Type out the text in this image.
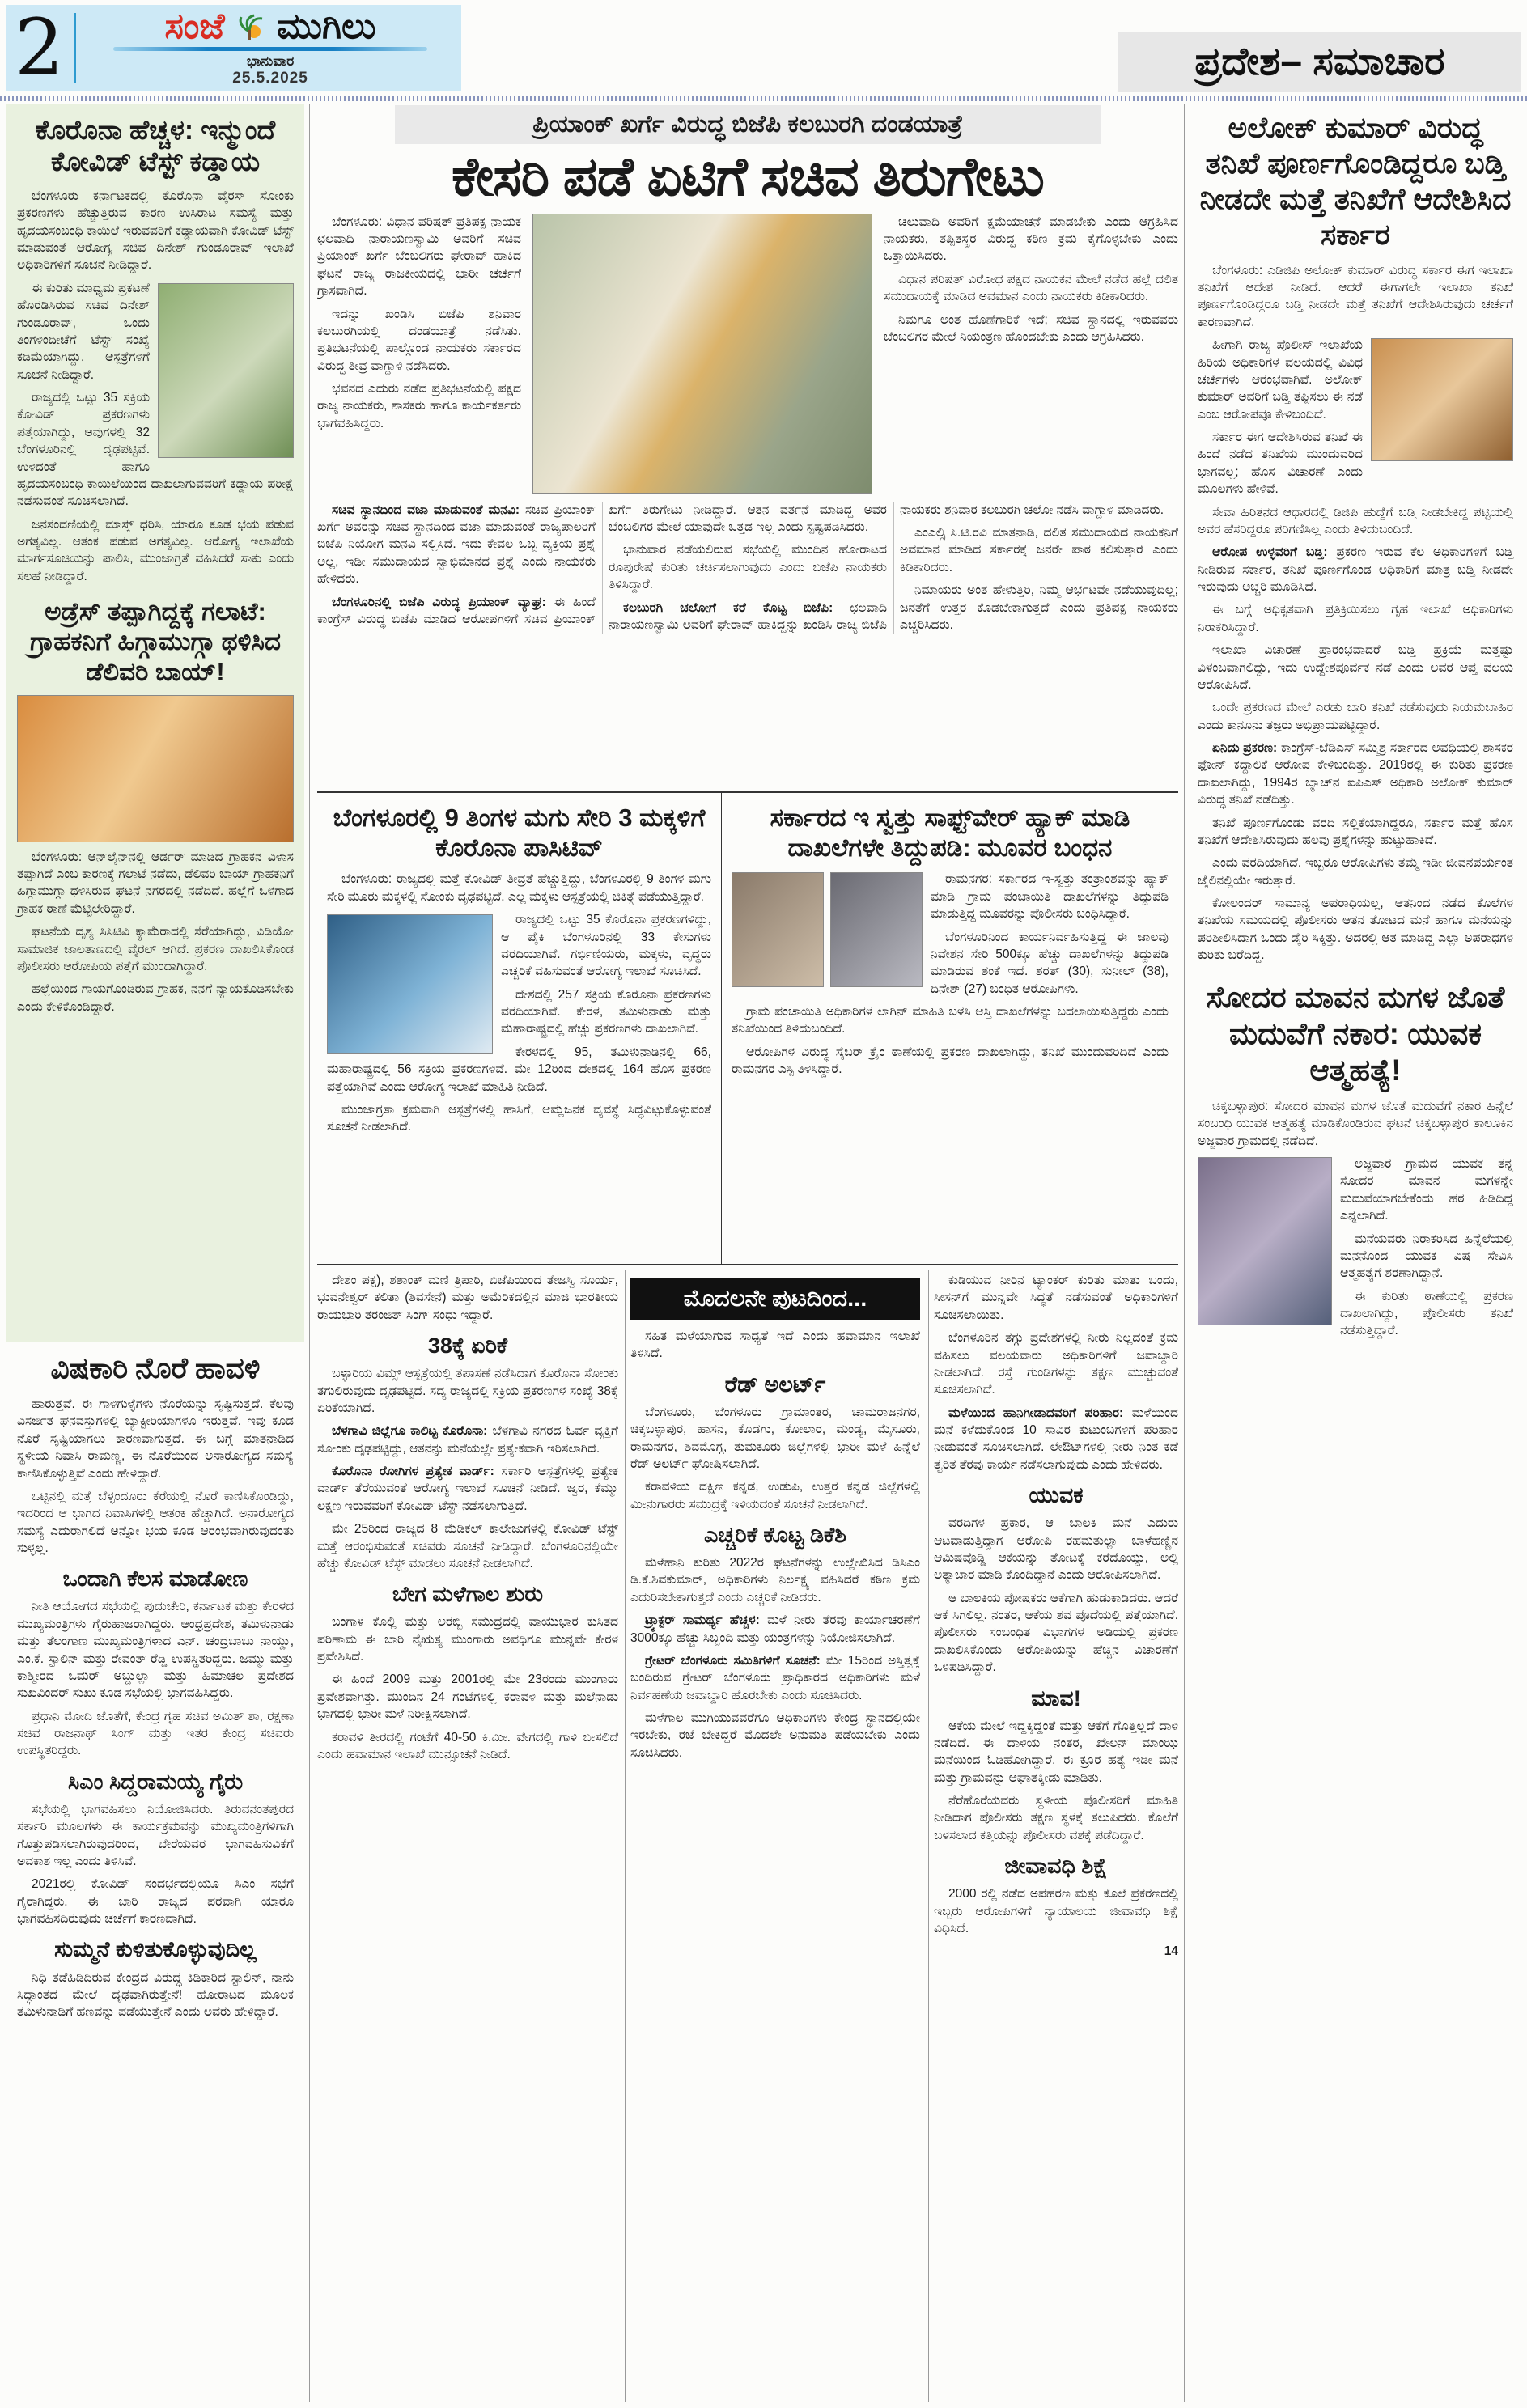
2	ಸಂಜೆ ಮುಗಿಲು
ಭಾನುವಾರ
25.5.2025	ಪ್ರದೇಶ– ಸಮಾಚಾರ
ಕೊರೊನಾ ಹೆಚ್ಚಳ: ಇನ್ಮುಂದೆ ಕೋವಿಡ್ ಟೆಸ್ಟ್ ಕಡ್ಡಾಯ

ಬೆಂಗಳೂರು ಕರ್ನಾಟಕದಲ್ಲಿ ಕೊರೊನಾ ವೈರಸ್ ಸೋಂಕು ಪ್ರಕರಣಗಳು ಹೆಚ್ಚುತ್ತಿರುವ ಕಾರಣ ಉಸಿರಾಟ ಸಮಸ್ಯೆ ಮತ್ತು ಹೃದಯಸಂಬಂಧಿ ಕಾಯಿಲೆ ಇರುವವರಿಗೆ ಕಡ್ಡಾಯವಾಗಿ ಕೋವಿಡ್ ಟೆಸ್ಟ್ ಮಾಡುವಂತೆ ಆರೋಗ್ಯ ಸಚಿವ ದಿನೇಶ್ ಗುಂಡೂರಾವ್ ಇಲಾಖೆ ಅಧಿಕಾರಿಗಳಿಗೆ ಸೂಚನೆ ನೀಡಿದ್ದಾರೆ.

ಈ ಕುರಿತು ಮಾಧ್ಯಮ ಪ್ರಕಟಣೆ ಹೊರಡಿಸಿರುವ ಸಚಿವ ದಿನೇಶ್ ಗುಂಡೂರಾವ್, ಒಂದು ತಿಂಗಳಿಂದೀಚೆಗೆ ಟೆಸ್ಟ್ ಸಂಖ್ಯೆ ಕಡಿಮೆಯಾಗಿದ್ದು, ಆಸ್ಪತ್ರೆಗಳಿಗೆ ಸೂಚನೆ ನೀಡಿದ್ದಾರೆ.

ರಾಜ್ಯದಲ್ಲಿ ಒಟ್ಟು 35 ಸಕ್ರಿಯ ಕೋವಿಡ್ ಪ್ರಕರಣಗಳು ಪತ್ತೆಯಾಗಿದ್ದು, ಅವುಗಳಲ್ಲಿ 32 ಬೆಂಗಳೂರಿನಲ್ಲಿ ದೃಢಪಟ್ಟಿವೆ. ಉಳಿದಂತೆ ಹಾಗೂ ಹೃದಯಸಂಬಂಧಿ ಕಾಯಿಲೆಯಿಂದ ದಾಖಲಾಗುವವರಿಗೆ ಕಡ್ಡಾಯ ಪರೀಕ್ಷೆ ನಡೆಸುವಂತೆ ಸೂಚಿಸಲಾಗಿದೆ.

ಜನಸಂದಣಿಯಲ್ಲಿ ಮಾಸ್ಕ್ ಧರಿಸಿ, ಯಾರೂ ಕೂಡ ಭಯ ಪಡುವ ಅಗತ್ಯವಿಲ್ಲ. ಆತಂಕ ಪಡುವ ಅಗತ್ಯವಿಲ್ಲ. ಆರೋಗ್ಯ ಇಲಾಖೆಯ ಮಾರ್ಗಸೂಚಿಯನ್ನು ಪಾಲಿಸಿ, ಮುಂಜಾಗ್ರತೆ ವಹಿಸಿದರೆ ಸಾಕು ಎಂದು ಸಲಹೆ ನೀಡಿದ್ದಾರೆ.

ಅಡ್ರೆಸ್ ತಪ್ಪಾಗಿದ್ದಕ್ಕೆ ಗಲಾಟೆ: ಗ್ರಾಹಕನಿಗೆ ಹಿಗ್ಗಾಮುಗ್ಗಾ ಥಳಿಸಿದ ಡೆಲಿವರಿ ಬಾಯ್!

ಬೆಂಗಳೂರು: ಆನ್‌ಲೈನ್‌ನಲ್ಲಿ ಆರ್ಡರ್ ಮಾಡಿದ ಗ್ರಾಹಕನ ವಿಳಾಸ ತಪ್ಪಾಗಿದೆ ಎಂಬ ಕಾರಣಕ್ಕೆ ಗಲಾಟೆ ನಡೆದು, ಡೆಲಿವರಿ ಬಾಯ್ ಗ್ರಾಹಕನಿಗೆ ಹಿಗ್ಗಾಮುಗ್ಗಾ ಥಳಿಸಿರುವ ಘಟನೆ ನಗರದಲ್ಲಿ ನಡೆದಿದೆ. ಹಲ್ಲೆಗೆ ಒಳಗಾದ ಗ್ರಾಹಕ ಠಾಣೆ ಮೆಟ್ಟಿಲೇರಿದ್ದಾರೆ.

ಘಟನೆಯ ದೃಶ್ಯ ಸಿಸಿಟಿವಿ ಕ್ಯಾಮೆರಾದಲ್ಲಿ ಸೆರೆಯಾಗಿದ್ದು, ವಿಡಿಯೋ ಸಾಮಾಜಿಕ ಜಾಲತಾಣದಲ್ಲಿ ವೈರಲ್ ಆಗಿದೆ. ಪ್ರಕರಣ ದಾಖಲಿಸಿಕೊಂಡ ಪೊಲೀಸರು ಆರೋಪಿಯ ಪತ್ತೆಗೆ ಮುಂದಾಗಿದ್ದಾರೆ.

ಹಲ್ಲೆಯಿಂದ ಗಾಯಗೊಂಡಿರುವ ಗ್ರಾಹಕ, ನನಗೆ ನ್ಯಾಯಕೊಡಿಸಬೇಕು ಎಂದು ಕೇಳಿಕೊಂಡಿದ್ದಾರೆ.

ವಿಷಕಾರಿ ನೊರೆ ಹಾವಳಿ

ಹಾರುತ್ತವೆ. ಈ ಗಾಳಿಗುಳ್ಳೆಗಳು ನೊರೆಯನ್ನು ಸೃಷ್ಟಿಸುತ್ತದೆ. ಕೆಲವು ವಿಸರ್ಜಿತ ಘನವಸ್ತುಗಳಲ್ಲಿ ಬ್ಯಾಕ್ಟೀರಿಯಾಗಳೂ ಇರುತ್ತವೆ. ಇವು ಕೂಡ ನೊರೆ ಸೃಷ್ಟಿಯಾಗಲು ಕಾರಣವಾಗುತ್ತದೆ. ಈ ಬಗ್ಗೆ ಮಾತನಾಡಿದ ಸ್ಥಳೀಯ ನಿವಾಸಿ ರಾಮಣ್ಣ, ಈ ನೊರೆಯಿಂದ ಅನಾರೋಗ್ಯದ ಸಮಸ್ಯೆ ಕಾಣಿಸಿಕೊಳ್ಳುತ್ತಿವೆ ಎಂದು ಹೇಳಿದ್ದಾರೆ.

ಒಟ್ಟಿನಲ್ಲಿ ಮತ್ತೆ ಬೆಳ್ಳಂದೂರು ಕೆರೆಯಲ್ಲಿ ನೊರೆ ಕಾಣಿಸಿಕೊಂಡಿದ್ದು, ಇದರಿಂದ ಆ ಭಾಗದ ನಿವಾಸಿಗಳಲ್ಲಿ ಆತಂಕ ಹೆಚ್ಚಾಗಿದೆ. ಅನಾರ‍ೋಗ್ಯದ ಸಮಸ್ಯೆ ಎದುರಾಗಲಿದೆ ಅನ್ನೋ ಭಯ ಕೂಡ ಆರಂಭವಾಗಿರುವುದಂತು ಸುಳ್ಳಲ್ಲ.

ಒಂದಾಗಿ ಕೆಲಸ ಮಾಡೋಣ

ನೀತಿ ಆಯೋಗದ ಸಭೆಯಲ್ಲಿ ಪುದುಚೇರಿ, ಕರ್ನಾಟಕ ಮತ್ತು ಕೇರಳದ ಮುಖ್ಯಮಂತ್ರಿಗಳು ಗೈರುಹಾಜರಾಗಿದ್ದರು. ಆಂಧ್ರಪ್ರದೇಶ, ತಮಿಳುನಾಡು ಮತ್ತು ತೆಲಂಗಾಣ ಮುಖ್ಯಮಂತ್ರಿಗಳಾದ ಎನ್. ಚಂದ್ರಬಾಬು ನಾಯ್ಡು, ಎಂ.ಕೆ. ಸ್ಟಾಲಿನ್ ಮತ್ತು ರೇವಂತ್ ರೆಡ್ಡಿ ಉಪಸ್ಥಿತರಿದ್ದರು. ಜಮ್ಮು ಮತ್ತು ಕಾಶ್ಮೀರದ ಒಮರ್ ಅಬ್ದುಲ್ಲಾ ಮತ್ತು ಹಿಮಾಚಲ ಪ್ರದೇಶದ ಸುಖವಿಂದರ್ ಸುಖು ಕೂಡ ಸಭೆಯಲ್ಲಿ ಭಾಗವಹಿಸಿದ್ದರು.

ಪ್ರಧಾನಿ ಮೋದಿ ಜೊತೆಗೆ, ಕೇಂದ್ರ ಗೃಹ ಸಚಿವ ಅಮಿತ್ ಶಾ, ರಕ್ಷಣಾ ಸಚಿವ ರಾಜನಾಥ್ ಸಿಂಗ್ ಮತ್ತು ಇತರ ಕೇಂದ್ರ ಸಚಿವರು ಉಪಸ್ಥಿತರಿದ್ದರು.

ಸಿಎಂ ಸಿದ್ದರಾಮಯ್ಯ ಗೈರು

ಸಭೆಯಲ್ಲಿ ಭಾಗವಹಿಸಲು ನಿಯೋಜಿಸಿದರು. ತಿರುವನಂತಪುರದ ಸರ್ಕಾರಿ ಮೂಲಗಳು ಈ ಕಾರ್ಯಕ್ರಮವನ್ನು ಮುಖ್ಯಮಂತ್ರಿಗಳಿಗಾಗಿ ಗೊತ್ತುಪಡಿಸಲಾಗಿರುವುದರಿಂದ, ಬೇರೆಯವರ ಭಾಗವಹಿಸುವಿಕೆಗೆ ಅವಕಾಶ ಇಲ್ಲ ಎಂದು ತಿಳಿಸಿವೆ.

2021ರಲ್ಲಿ ಕೋವಿಡ್ ಸಂದರ್ಭದಲ್ಲಿಯೂ ಸಿಎಂ ಸಭೆಗೆ ಗೈರಾಗಿದ್ದರು. ಈ ಬಾರಿ ರಾಜ್ಯದ ಪರವಾಗಿ ಯಾರೂ ಭಾಗವಹಿಸದಿರುವುದು ಚರ್ಚೆಗೆ ಕಾರಣವಾಗಿದೆ.

ಸುಮ್ಮನೆ ಕುಳಿತುಕೊಳ್ಳುವುದಿಲ್ಲ

ನಿಧಿ ತಡೆಹಿಡಿದಿರುವ ಕೇಂದ್ರದ ವಿರುದ್ಧ ಕಿಡಿಕಾರಿದ ಸ್ಟಾಲಿನ್, ನಾನು ಸಿದ್ಧಾಂತದ ಮೇಲೆ ದೃಢವಾಗಿರುತ್ತೇನೆ! ಹೋರಾಟದ ಮೂಲಕ ತಮಿಳುನಾಡಿಗೆ ಹಣವನ್ನು ಪಡೆಯುತ್ತೇನೆ ಎಂದು ಅವರು ಹೇಳಿದ್ದಾರೆ.

ಪ್ರಿಯಾಂಕ್ ಖರ್ಗೆ ವಿರುದ್ಧ ಬಿಜೆಪಿ ಕಲಬುರಗಿ ದಂಡಯಾತ್ರೆ
ಕೇಸರಿ ಪಡೆ ಏಟಿಗೆ ಸಚಿವ ತಿರುಗೇಟು

ಬೆಂಗಳೂರು: ವಿಧಾನ ಪರಿಷತ್ ಪ್ರತಿಪಕ್ಷ ನಾಯಕ ಛಲವಾದಿ ನಾರಾಯಣಸ್ವಾಮಿ ಅವರಿಗೆ ಸಚಿವ ಪ್ರಿಯಾಂಕ್ ಖರ್ಗೆ ಬೆಂಬಲಿಗರು ಘೇರಾವ್ ಹಾಕಿದ ಘಟನೆ ರಾಜ್ಯ ರಾಜಕೀಯದಲ್ಲಿ ಭಾರೀ ಚರ್ಚೆಗೆ ಗ್ರಾಸವಾಗಿದೆ.

ಇದನ್ನು ಖಂಡಿಸಿ ಬಿಜೆಪಿ ಶನಿವಾರ ಕಲಬುರಗಿಯಲ್ಲಿ ದಂಡಯಾತ್ರೆ ನಡೆಸಿತು. ಪ್ರತಿಭಟನೆಯಲ್ಲಿ ಪಾಲ್ಗೊಂಡ ನಾಯಕರು ಸರ್ಕಾರದ ವಿರುದ್ಧ ತೀವ್ರ ವಾಗ್ದಾಳಿ ನಡೆಸಿದರು.

ಭವನದ ಎದುರು ನಡೆದ ಪ್ರತಿಭಟನೆಯಲ್ಲಿ ಪಕ್ಷದ ರಾಜ್ಯ ನಾಯಕರು, ಶಾಸಕರು ಹಾಗೂ ಕಾರ್ಯಕರ್ತರು ಭಾಗವಹಿಸಿದ್ದರು.

ಚಲುವಾದಿ ಅವರಿಗೆ ಕ್ಷಮೆಯಾಚನೆ ಮಾಡಬೇಕು ಎಂದು ಆಗ್ರಹಿಸಿದ ನಾಯಕರು, ತಪ್ಪಿತಸ್ಥರ ವಿರುದ್ಧ ಕಠಿಣ ಕ್ರಮ ಕೈಗೊಳ್ಳಬೇಕು ಎಂದು ಒತ್ತಾಯಿಸಿದರು.

ವಿಧಾನ ಪರಿಷತ್ ವಿರೋಧ ಪಕ್ಷದ ನಾಯಕನ ಮೇಲೆ ನಡೆದ ಹಲ್ಲೆ ದಲಿತ ಸಮುದಾಯಕ್ಕೆ ಮಾಡಿದ ಅವಮಾನ ಎಂದು ನಾಯಕರು ಕಿಡಿಕಾರಿದರು.

ನಿಮಗೂ ಅಂತ ಹೊಣೆಗಾರಿಕೆ ಇದೆ; ಸಚಿವ ಸ್ಥಾನದಲ್ಲಿ ಇರುವವರು ಬೆಂಬಲಿಗರ ಮೇಲೆ ನಿಯಂತ್ರಣ ಹೊಂದಬೇಕು ಎಂದು ಆಗ್ರಹಿಸಿದರು.

ಸಚಿವ ಸ್ಥಾನದಿಂದ ವಜಾ ಮಾಡುವಂತೆ ಮನವಿ: ಸಚಿವ ಪ್ರಿಯಾಂಕ್ ಖರ್ಗೆ ಅವರನ್ನು ಸಚಿವ ಸ್ಥಾನದಿಂದ ವಜಾ ಮಾಡುವಂತೆ ರಾಜ್ಯಪಾಲರಿಗೆ ಬಿಜೆಪಿ ನಿಯೋಗ ಮನವಿ ಸಲ್ಲಿಸಿದೆ. ಇದು ಕೇವಲ ಒಬ್ಬ ವ್ಯಕ್ತಿಯ ಪ್ರಶ್ನೆ ಅಲ್ಲ, ಇಡೀ ಸಮುದಾಯದ ಸ್ವಾಭಿಮಾನದ ಪ್ರಶ್ನೆ ಎಂದು ನಾಯಕರು ಹೇಳಿದರು.

ಬೆಂಗಳೂರಿನಲ್ಲಿ ಬಿಜೆಪಿ ವಿರುದ್ಧ ಪ್ರಿಯಾಂಕ್ ವ್ಯಾಘ್ರ: ಈ ಹಿಂದೆ ಕಾಂಗ್ರೆಸ್ ವಿರುದ್ಧ ಬಿಜೆಪಿ ಮಾಡಿದ ಆರೋಪಗಳಿಗೆ ಸಚಿವ ಪ್ರಿಯಾಂಕ್ ಖರ್ಗೆ ತಿರುಗೇಟು ನೀಡಿದ್ದಾರೆ. ಆತನ ವರ್ತನೆ ಮಾಡಿದ್ದ ಅವರ ಬೆಂಬಲಿಗರ ಮೇಲೆ ಯಾವುದೇ ಒತ್ತಡ ಇಲ್ಲ ಎಂದು ಸ್ಪಷ್ಟಪಡಿಸಿದರು.

ಭಾನುವಾರ ನಡೆಯಲಿರುವ ಸಭೆಯಲ್ಲಿ ಮುಂದಿನ ಹೋರಾಟದ ರೂಪುರೇಷೆ ಕುರಿತು ಚರ್ಚಿಸಲಾಗುವುದು ಎಂದು ಬಿಜೆಪಿ ನಾಯಕರು ತಿಳಿಸಿದ್ದಾರೆ.

ಕಲಬುರಗಿ ಚಲೋಗೆ ಕರೆ ಕೊಟ್ಟ ಬಿಜೆಪಿ: ಛಲವಾದಿ ನಾರಾಯಣಸ್ವಾಮಿ ಅವರಿಗೆ ಘೇರಾವ್ ಹಾಕಿದ್ದನ್ನು ಖಂಡಿಸಿ ರಾಜ್ಯ ಬಿಜೆಪಿ ನಾಯಕರು ಶನಿವಾರ ಕಲಬುರಗಿ ಚಲೋ ನಡೆಸಿ ವಾಗ್ದಾಳಿ ಮಾಡಿದರು.

ಎಂಎಲ್ಸಿ ಸಿ.ಟಿ.ರವಿ ಮಾತನಾಡಿ, ದಲಿತ ಸಮುದಾಯದ ನಾಯಕನಿಗೆ ಅವಮಾನ ಮಾಡಿದ ಸರ್ಕಾರಕ್ಕೆ ಜನರೇ ಪಾಠ ಕಲಿಸುತ್ತಾರೆ ಎಂದು ಕಿಡಿಕಾರಿದರು.

ನಿಮಾಯರು ಅಂತ ಹೇಳುತ್ತಿರಿ, ನಿಮ್ಮ ಆರ್ಭಟವೇ ನಡೆಯುವುದಿಲ್ಲ; ಜನತೆಗೆ ಉತ್ತರ ಕೊಡಬೇಕಾಗುತ್ತದೆ ಎಂದು ಪ್ರತಿಪಕ್ಷ ನಾಯಕರು ಎಚ್ಚರಿಸಿದರು.

ಬೆಂಗಳೂರಲ್ಲಿ 9 ತಿಂಗಳ ಮಗು ಸೇರಿ 3 ಮಕ್ಕಳಿಗೆ ಕೊರೊನಾ ಪಾಸಿಟಿವ್

ಬೆಂಗಳೂರು: ರಾಜ್ಯದಲ್ಲಿ ಮತ್ತೆ ಕೋವಿಡ್ ತೀವ್ರತೆ ಹೆಚ್ಚುತ್ತಿದ್ದು, ಬೆಂಗಳೂರಲ್ಲಿ 9 ತಿಂಗಳ ಮಗು ಸೇರಿ ಮೂರು ಮಕ್ಕಳಲ್ಲಿ ಸೋಂಕು ದೃಢಪಟ್ಟಿದೆ. ಎಲ್ಲ ಮಕ್ಕಳು ಆಸ್ಪತ್ರೆಯಲ್ಲಿ ಚಿಕಿತ್ಸೆ ಪಡೆಯುತ್ತಿದ್ದಾರೆ.

ರಾಜ್ಯದಲ್ಲಿ ಒಟ್ಟು 35 ಕೊರೊನಾ ಪ್ರಕರಣಗಳಿದ್ದು, ಆ ಪೈಕಿ ಬೆಂಗಳೂರಿನಲ್ಲಿ 33 ಕೇಸುಗಳು ವರದಿಯಾಗಿವೆ. ಗರ್ಭಿಣಿಯರು, ಮಕ್ಕಳು, ವೃದ್ಧರು ಎಚ್ಚರಿಕೆ ವಹಿಸುವಂತೆ ಆರೋಗ್ಯ ಇಲಾಖೆ ಸೂಚಿಸಿದೆ.

ದೇಶದಲ್ಲಿ 257 ಸಕ್ರಿಯ ಕೊರೊನಾ ಪ್ರಕರಣಗಳು ವರದಿಯಾಗಿವೆ. ಕೇರಳ, ತಮಿಳುನಾಡು ಮತ್ತು ಮಹಾರಾಷ್ಟ್ರದಲ್ಲಿ ಹೆಚ್ಚು ಪ್ರಕರಣಗಳು ದಾಖಲಾಗಿವೆ.

ಕೇರಳದಲ್ಲಿ 95, ತಮಿಳುನಾಡಿನಲ್ಲಿ 66, ಮಹಾರಾಷ್ಟ್ರದಲ್ಲಿ 56 ಸಕ್ರಿಯ ಪ್ರಕರಣಗಳಿವೆ. ಮೇ 12ರಿಂದ ದೇಶದಲ್ಲಿ 164 ಹೊಸ ಪ್ರಕರಣ ಪತ್ತೆಯಾಗಿವೆ ಎಂದು ಆರೋಗ್ಯ ಇಲಾಖೆ ಮಾಹಿತಿ ನೀಡಿದೆ.

ಮುಂಜಾಗ್ರತಾ ಕ್ರಮವಾಗಿ ಆಸ್ಪತ್ರೆಗಳಲ್ಲಿ ಹಾಸಿಗೆ, ಆಮ್ಲಜನಕ ವ್ಯವಸ್ಥೆ ಸಿದ್ಧವಿಟ್ಟುಕೊಳ್ಳುವಂತೆ ಸೂಚನೆ ನೀಡಲಾಗಿದೆ.

ಸರ್ಕಾರದ ಇ ಸ್ವತ್ತು ಸಾಫ್ಟ್‌ವೇರ್ ಹ್ಯಾಕ್ ಮಾಡಿ ದಾಖಲೆಗಳೇ ತಿದ್ದುಪಡಿ: ಮೂವರ ಬಂಧನ

ರಾಮನಗರ: ಸರ್ಕಾರದ ಇ-ಸ್ವತ್ತು ತಂತ್ರಾಂಶವನ್ನು ಹ್ಯಾಕ್ ಮಾಡಿ ಗ್ರಾಮ ಪಂಚಾಯಿತಿ ದಾಖಲೆಗಳನ್ನು ತಿದ್ದುಪಡಿ ಮಾಡುತ್ತಿದ್ದ ಮೂವರನ್ನು ಪೊಲೀಸರು ಬಂಧಿಸಿದ್ದಾರೆ.

ಬೆಂಗಳೂರಿನಿಂದ ಕಾರ್ಯನಿರ್ವಹಿಸುತ್ತಿದ್ದ ಈ ಜಾಲವು ನಿವೇಶನ ಸೇರಿ 500ಕ್ಕೂ ಹೆಚ್ಚು ದಾಖಲೆಗಳನ್ನು ತಿದ್ದುಪಡಿ ಮಾಡಿರುವ ಶಂಕೆ ಇದೆ. ಶರತ್ (30), ಸುನೀಲ್ (38), ದಿನೇಶ್ (27) ಬಂಧಿತ ಆರೋಪಿಗಳು.

ಗ್ರಾಮ ಪಂಚಾಯಿತಿ ಅಧಿಕಾರಿಗಳ ಲಾಗಿನ್ ಮಾಹಿತಿ ಬಳಸಿ ಆಸ್ತಿ ದಾಖಲೆಗಳನ್ನು ಬದಲಾಯಿಸುತ್ತಿದ್ದರು ಎಂದು ತನಿಖೆಯಿಂದ ತಿಳಿದುಬಂದಿದೆ.

ಆರೋಪಿಗಳ ವಿರುದ್ಧ ಸೈಬರ್ ಕ್ರೈಂ ಠಾಣೆಯಲ್ಲಿ ಪ್ರಕರಣ ದಾಖಲಾಗಿದ್ದು, ತನಿಖೆ ಮುಂದುವರಿದಿದೆ ಎಂದು ರಾಮನಗರ ಎಸ್ಪಿ ತಿಳಿಸಿದ್ದಾರೆ.

ಅಲೋಕ್ ಕುಮಾರ್ ವಿರುದ್ಧ ತನಿಖೆ ಪೂರ್ಣಗೊಂಡಿದ್ದರೂ ಬಡ್ತಿ ನೀಡದೇ ಮತ್ತೆ ತನಿಖೆಗೆ ಆದೇಶಿಸಿದ ಸರ್ಕಾರ

ಬೆಂಗಳೂರು: ಎಡಿಜಿಪಿ ಅಲೋಕ್ ಕುಮಾರ್ ವಿರುದ್ಧ ಸರ್ಕಾರ ಈಗ ಇಲಾಖಾ ತನಿಖೆಗೆ ಆದೇಶ ನೀಡಿದೆ. ಆದರೆ ಈಗಾಗಲೇ ಇಲಾಖಾ ತನಿಖೆ ಪೂರ್ಣಗೊಂಡಿದ್ದರೂ ಬಡ್ತಿ ನೀಡದೇ ಮತ್ತೆ ತನಿಖೆಗೆ ಆದೇಶಿಸಿರುವುದು ಚರ್ಚೆಗೆ ಕಾರಣವಾಗಿದೆ.

ಹೀಗಾಗಿ ರಾಜ್ಯ ಪೊಲೀಸ್ ಇಲಾಖೆಯ ಹಿರಿಯ ಅಧಿಕಾರಿಗಳ ವಲಯದಲ್ಲಿ ವಿವಿಧ ಚರ್ಚೆಗಳು ಆರಂಭವಾಗಿವೆ. ಅಲೋಕ್ ಕುಮಾರ್ ಅವರಿಗೆ ಬಡ್ತಿ ತಪ್ಪಿಸಲು ಈ ನಡೆ ಎಂಬ ಆರೋಪವೂ ಕೇಳಿಬಂದಿದೆ.

ಸರ್ಕಾರ ಈಗ ಆದೇಶಿಸಿರುವ ತನಿಖೆ ಈ ಹಿಂದೆ ನಡೆದ ತನಿಖೆಯ ಮುಂದುವರಿದ ಭಾಗವಲ್ಲ; ಹೊಸ ವಿಚಾರಣೆ ಎಂದು ಮೂಲಗಳು ಹೇಳಿವೆ.

ಸೇವಾ ಹಿರಿತನದ ಆಧಾರದಲ್ಲಿ ಡಿಜಿಪಿ ಹುದ್ದೆಗೆ ಬಡ್ತಿ ನೀಡಬೇಕಿದ್ದ ಪಟ್ಟಿಯಲ್ಲಿ ಅವರ ಹೆಸರಿದ್ದರೂ ಪರಿಗಣಿಸಿಲ್ಲ ಎಂದು ತಿಳಿದುಬಂದಿದೆ.

ಆರೋಪ ಉಳ್ಳವರಿಗೆ ಬಡ್ತಿ: ಪ್ರಕರಣ ಇರುವ ಕೆಲ ಅಧಿಕಾರಿಗಳಿಗೆ ಬಡ್ತಿ ನೀಡಿರುವ ಸರ್ಕಾರ, ತನಿಖೆ ಪೂರ್ಣಗೊಂಡ ಅಧಿಕಾರಿಗೆ ಮಾತ್ರ ಬಡ್ತಿ ನೀಡದೇ ಇರುವುದು ಅಚ್ಚರಿ ಮೂಡಿಸಿದೆ.

ಈ ಬಗ್ಗೆ ಅಧಿಕೃತವಾಗಿ ಪ್ರತಿಕ್ರಿಯಿಸಲು ಗೃಹ ಇಲಾಖೆ ಅಧಿಕಾರಿಗಳು ನಿರಾಕರಿಸಿದ್ದಾರೆ.

ಇಲಾಖಾ ವಿಚಾರಣೆ ಪ್ರಾರಂಭವಾದರೆ ಬಡ್ತಿ ಪ್ರಕ್ರಿಯೆ ಮತ್ತಷ್ಟು ವಿಳಂಬವಾಗಲಿದ್ದು, ಇದು ಉದ್ದೇಶಪೂರ್ವಕ ನಡೆ ಎಂದು ಅವರ ಆಪ್ತ ವಲಯ ಆರೋಪಿಸಿದೆ.

ಒಂದೇ ಪ್ರಕರಣದ ಮೇಲೆ ಎರಡು ಬಾರಿ ತನಿಖೆ ನಡೆಸುವುದು ನಿಯಮಬಾಹಿರ ಎಂದು ಕಾನೂನು ತಜ್ಞರು ಅಭಿಪ್ರಾಯಪಟ್ಟಿದ್ದಾರೆ.

ಏನಿದು ಪ್ರಕರಣ: ಕಾಂಗ್ರೆಸ್-ಜೆಡಿಎಸ್ ಸಮ್ಮಿಶ್ರ ಸರ್ಕಾರದ ಅವಧಿಯಲ್ಲಿ ಶಾಸಕರ ಫೋನ್ ಕದ್ದಾಲಿಕೆ ಆರೋಪ ಕೇಳಿಬಂದಿತ್ತು. 2019ರಲ್ಲಿ ಈ ಕುರಿತು ಪ್ರಕರಣ ದಾಖಲಾಗಿದ್ದು, 1994ರ ಬ್ಯಾಚ್‌ನ ಐಪಿಎಸ್ ಅಧಿಕಾರಿ ಅಲೋಕ್ ಕುಮಾರ್ ವಿರುದ್ಧ ತನಿಖೆ ನಡೆದಿತ್ತು.

ತನಿಖೆ ಪೂರ್ಣಗೊಂಡು ವರದಿ ಸಲ್ಲಿಕೆಯಾಗಿದ್ದರೂ, ಸರ್ಕಾರ ಮತ್ತೆ ಹೊಸ ತನಿಖೆಗೆ ಆದೇಶಿಸಿರುವುದು ಹಲವು ಪ್ರಶ್ನೆಗಳನ್ನು ಹುಟ್ಟುಹಾಕಿದೆ.

ಎಂದು ವರದಿಯಾಗಿದೆ. ಇಬ್ಬರೂ ಆರೋಪಿಗಳು ತಮ್ಮ ಇಡೀ ಜೀವನಪರ್ಯಂತ ಜೈಲಿನಲ್ಲಿಯೇ ಇರುತ್ತಾರೆ.

ಕೋಲಂದರ್ ಸಾಮಾನ್ಯ ಅಪರಾಧಿಯಲ್ಲ, ಆತನಿಂದ ನಡೆದ ಕೊಲೆಗಳ ತನಿಖೆಯ ಸಮಯದಲ್ಲಿ ಪೊಲೀಸರು ಆತನ ತೋಟದ ಮನೆ ಹಾಗೂ ಮನೆಯನ್ನು ಪರಿಶೀಲಿಸಿದಾಗ ಒಂದು ಡೈರಿ ಸಿಕ್ಕಿತ್ತು. ಅದರಲ್ಲಿ ಆತ ಮಾಡಿದ್ದ ಎಲ್ಲಾ ಅಪರಾಧಗಳ ಕುರಿತು ಬರೆದಿದ್ದ.

ಸೋದರ ಮಾವನ ಮಗಳ ಜೊತೆ ಮದುವೆಗೆ ನಕಾರ: ಯುವಕ ಆತ್ಮಹತ್ಯೆ!

ಚಿಕ್ಕಬಳ್ಳಾಪುರ: ಸೋದರ ಮಾವನ ಮಗಳ ಜೊತೆ ಮದುವೆಗೆ ನಕಾರ ಹಿನ್ನೆಲೆ ಸಂಬಂಧಿ ಯುವಕ ಆತ್ಮಹತ್ಯೆ ಮಾಡಿಕೊಂಡಿರುವ ಘಟನೆ ಚಿಕ್ಕಬಳ್ಳಾಪುರ ತಾಲೂಕಿನ ಅಜ್ಜವಾರ ಗ್ರಾಮದಲ್ಲಿ ನಡೆದಿದೆ.

ಅಜ್ಜವಾರ ಗ್ರಾಮದ ಯುವಕ ತನ್ನ ಸೋದರ ಮಾವನ ಮಗಳನ್ನೇ ಮದುವೆಯಾಗಬೇಕೆಂದು ಹಠ ಹಿಡಿದಿದ್ದ ಎನ್ನಲಾಗಿದೆ.

ಮನೆಯವರು ನಿರಾಕರಿಸಿದ ಹಿನ್ನೆಲೆಯಲ್ಲಿ ಮನನೊಂದ ಯುವಕ ವಿಷ ಸೇವಿಸಿ ಆತ್ಮಹತ್ಯೆಗೆ ಶರಣಾಗಿದ್ದಾನೆ.

ಈ ಕುರಿತು ಠಾಣೆಯಲ್ಲಿ ಪ್ರಕರಣ ದಾಖಲಾಗಿದ್ದು, ಪೊಲೀಸರು ತನಿಖೆ ನಡೆಸುತ್ತಿದ್ದಾರೆ.

ದೇಶಂ ಪಕ್ಷ), ಶಶಾಂಕ್ ಮಣಿ ತ್ರಿಪಾಠಿ, ಬಿಜೆಪಿಯಿಂದ ತೇಜಸ್ವಿ ಸೂರ್ಯ, ಭುವನೇಶ್ವರ್ ಕಲಿತಾ (ಶಿವಸೇನೆ) ಮತ್ತು ಅಮೆರಿಕದಲ್ಲಿನ ಮಾಜಿ ಭಾರತೀಯ ರಾಯಭಾರಿ ತರಂಜಿತ್ ಸಿಂಗ್ ಸಂಧು ಇದ್ದಾರೆ.

38ಕ್ಕೆ ಏರಿಕೆ

ಬಳ್ಳಾರಿಯ ವಿಮ್ಸ್ ಆಸ್ಪತ್ರೆಯಲ್ಲಿ ತಪಾಸಣೆ ನಡೆಸಿದಾಗ ಕೊರೊನಾ ಸೋಂಕು ತಗುಲಿರುವುದು ದೃಢಪಟ್ಟಿದೆ. ಸದ್ಯ ರಾಜ್ಯದಲ್ಲಿ ಸಕ್ರಿಯ ಪ್ರಕರಣಗಳ ಸಂಖ್ಯೆ 38ಕ್ಕೆ ಏರಿಕೆಯಾಗಿದೆ.

ಬೆಳಗಾವಿ ಜಿಲ್ಲೆಗೂ ಕಾಲಿಟ್ಟ ಕೊರೊನಾ: ಬೆಳಗಾವಿ ನಗರದ ಓರ್ವ ವ್ಯಕ್ತಿಗೆ ಸೋಂಕು ದೃಢಪಟ್ಟಿದ್ದು, ಆತನನ್ನು ಮನೆಯಲ್ಲೇ ಪ್ರತ್ಯೇಕವಾಗಿ ಇರಿಸಲಾಗಿದೆ.

ಕೊರೊನಾ ರೋಗಿಗಳ ಪ್ರತ್ಯೇಕ ವಾರ್ಡ್: ಸರ್ಕಾರಿ ಆಸ್ಪತ್ರೆಗಳಲ್ಲಿ ಪ್ರತ್ಯೇಕ ವಾರ್ಡ್ ತೆರೆಯುವಂತೆ ಆರೋಗ್ಯ ಇಲಾಖೆ ಸೂಚನೆ ನೀಡಿದೆ. ಜ್ವರ, ಕೆಮ್ಮು ಲಕ್ಷಣ ಇರುವವರಿಗೆ ಕೋವಿಡ್ ಟೆಸ್ಟ್ ನಡೆಸಲಾಗುತ್ತಿದೆ.

ಮೇ 25ರಿಂದ ರಾಜ್ಯದ 8 ಮೆಡಿಕಲ್ ಕಾಲೇಜುಗಳಲ್ಲಿ ಕೋವಿಡ್ ಟೆಸ್ಟ್ ಮತ್ತೆ ಆರಂಭಿಸುವಂತೆ ಸಚಿವರು ಸೂಚನೆ ನೀಡಿದ್ದಾರೆ. ಬೆಂಗಳೂರಿನಲ್ಲಿಯೇ ಹೆಚ್ಚು ಕೋವಿಡ್ ಟೆಸ್ಟ್ ಮಾಡಲು ಸೂಚನೆ ನೀಡಲಾಗಿದೆ.

ಬೇಗ ಮಳೆಗಾಲ ಶುರು

ಬಂಗಾಳ ಕೊಲ್ಲಿ ಮತ್ತು ಅರಬ್ಬಿ ಸಮುದ್ರದಲ್ಲಿ ವಾಯುಭಾರ ಕುಸಿತದ ಪರಿಣಾಮ ಈ ಬಾರಿ ನೈಋತ್ಯ ಮುಂಗಾರು ಅವಧಿಗೂ ಮುನ್ನವೇ ಕೇರಳ ಪ್ರವೇಶಿಸಿದೆ.

ಈ ಹಿಂದೆ 2009 ಮತ್ತು 2001ರಲ್ಲಿ ಮೇ 23ರಂದು ಮುಂಗಾರು ಪ್ರವೇಶವಾಗಿತ್ತು. ಮುಂದಿನ 24 ಗಂಟೆಗಳಲ್ಲಿ ಕರಾವಳಿ ಮತ್ತು ಮಲೆನಾಡು ಭಾಗದಲ್ಲಿ ಭಾರೀ ಮಳೆ ನಿರೀಕ್ಷಿಸಲಾಗಿದೆ.

ಕರಾವಳಿ ತೀರದಲ್ಲಿ ಗಂಟೆಗೆ 40-50 ಕಿ.ಮೀ. ವೇಗದಲ್ಲಿ ಗಾಳಿ ಬೀಸಲಿದೆ ಎಂದು ಹವಾಮಾನ ಇಲಾಖೆ ಮುನ್ಸೂಚನೆ ನೀಡಿದೆ.

ಮೊದಲನೇ ಪುಟದಿಂದ...

ಸಹಿತ ಮಳೆಯಾಗುವ ಸಾಧ್ಯತೆ ಇದೆ ಎಂದು ಹವಾಮಾನ ಇಲಾಖೆ ತಿಳಿಸಿದೆ.

ರೆಡ್ ಅಲರ್ಟ್

ಬೆಂಗಳೂರು, ಬೆಂಗಳೂರು ಗ್ರಾಮಾಂತರ, ಚಾಮರಾಜನಗರ, ಚಿಕ್ಕಬಳ್ಳಾಪುರ, ಹಾಸನ, ಕೊಡಗು, ಕೋಲಾರ, ಮಂಡ್ಯ, ಮೈಸೂರು, ರಾಮನಗರ, ಶಿವಮೊಗ್ಗ, ತುಮಕೂರು ಜಿಲ್ಲೆಗಳಲ್ಲಿ ಭಾರೀ ಮಳೆ ಹಿನ್ನೆಲೆ ರೆಡ್ ಅಲರ್ಟ್ ಘೋಷಿಸಲಾಗಿದೆ.

ಕರಾವಳಿಯ ದಕ್ಷಿಣ ಕನ್ನಡ, ಉಡುಪಿ, ಉತ್ತರ ಕನ್ನಡ ಜಿಲ್ಲೆಗಳಲ್ಲಿ ಮೀನುಗಾರರು ಸಮುದ್ರಕ್ಕೆ ಇಳಿಯದಂತೆ ಸೂಚನೆ ನೀಡಲಾಗಿದೆ.

ಎಚ್ಚರಿಕೆ ಕೊಟ್ಟ ಡಿಕೆಶಿ

ಮಳೆಹಾನಿ ಕುರಿತು 2022ರ ಘಟನೆಗಳನ್ನು ಉಲ್ಲೇಖಿಸಿದ ಡಿಸಿಎಂ ಡಿ.ಕೆ.ಶಿವಕುಮಾರ್, ಅಧಿಕಾರಿಗಳು ನಿರ್ಲಕ್ಷ್ಯ ವಹಿಸಿದರೆ ಕಠಿಣ ಕ್ರಮ ಎದುರಿಸಬೇಕಾಗುತ್ತದೆ ಎಂದು ಎಚ್ಚರಿಕೆ ನೀಡಿದರು.

ಟ್ರ್ಯಾಕ್ಟರ್ ಸಾಮರ್ಥ್ಯ ಹೆಚ್ಚಳ: ಮಳೆ ನೀರು ತೆರವು ಕಾರ್ಯಾಚರಣೆಗೆ 3000ಕ್ಕೂ ಹೆಚ್ಚು ಸಿಬ್ಬಂದಿ ಮತ್ತು ಯಂತ್ರಗಳನ್ನು ನಿಯೋಜಿಸಲಾಗಿದೆ.

ಗ್ರೇಟರ್ ಬೆಂಗಳೂರು ಸಮಿತಿಗಳಿಗೆ ಸೂಚನೆ: ಮೇ 15ರಿಂದ ಅಸ್ತಿತ್ವಕ್ಕೆ ಬಂದಿರುವ ಗ್ರೇಟರ್ ಬೆಂಗಳೂರು ಪ್ರಾಧಿಕಾರದ ಅಧಿಕಾರಿಗಳು ಮಳೆ ನಿರ್ವಹಣೆಯ ಜವಾಬ್ದಾರಿ ಹೊರಬೇಕು ಎಂದು ಸೂಚಿಸಿದರು.

ಮಳೆಗಾಲ ಮುಗಿಯುವವರೆಗೂ ಅಧಿಕಾರಿಗಳು ಕೇಂದ್ರ ಸ್ಥಾನದಲ್ಲಿಯೇ ಇರಬೇಕು, ರಜೆ ಬೇಕಿದ್ದರೆ ಮೊದಲೇ ಅನುಮತಿ ಪಡೆಯಬೇಕು ಎಂದು ಸೂಚಿಸಿದರು.

ಕುಡಿಯುವ ನೀರಿನ ಟ್ಯಾಂಕರ್ ಕುರಿತು ಮಾತು ಬಂದು, ಸೀಸನ್‌ಗೆ ಮುನ್ನವೇ ಸಿದ್ಧತೆ ನಡೆಸುವಂತೆ ಅಧಿಕಾರಿಗಳಿಗೆ ಸೂಚಿಸಲಾಯಿತು.

ಬೆಂಗಳೂರಿನ ತಗ್ಗು ಪ್ರದೇಶಗಳಲ್ಲಿ ನೀರು ನಿಲ್ಲದಂತೆ ಕ್ರಮ ವಹಿಸಲು ವಲಯವಾರು ಅಧಿಕಾರಿಗಳಿಗೆ ಜವಾಬ್ದಾರಿ ನೀಡಲಾಗಿದೆ. ರಸ್ತೆ ಗುಂಡಿಗಳನ್ನು ತಕ್ಷಣ ಮುಚ್ಚುವಂತೆ ಸೂಚಿಸಲಾಗಿದೆ.

ಮಳೆಯಿಂದ ಹಾನಿಗೀಡಾದವರಿಗೆ ಪರಿಹಾರ: ಮಳೆಯಿಂದ ಮನೆ ಕಳೆದುಕೊಂಡ 10 ಸಾವಿರ ಕುಟುಂಬಗಳಿಗೆ ಪರಿಹಾರ ನೀಡುವಂತೆ ಸೂಚಿಸಲಾಗಿದೆ. ಲೇಔಟ್‌ಗಳಲ್ಲಿ ನೀರು ನಿಂತ ಕಡೆ ತ್ವರಿತ ತೆರವು ಕಾರ್ಯ ನಡೆಸಲಾಗುವುದು ಎಂದು ಹೇಳಿದರು.

ಯುವಕ

ವರದಿಗಳ ಪ್ರಕಾರ, ಆ ಬಾಲಕಿ ಮನೆ ಎದುರು ಆಟವಾಡುತ್ತಿದ್ದಾಗ ಆರೋಪಿ ರಹಮತುಲ್ಲಾ ಬಾಳೆಹಣ್ಣಿನ ಆಮಿಷವೊಡ್ಡಿ ಆಕೆಯನ್ನು ತೋಟಕ್ಕೆ ಕರೆದೊಯ್ದು, ಅಲ್ಲಿ ಅತ್ಯಾಚಾರ ಮಾಡಿ ಕೊಂದಿದ್ದಾನೆ ಎಂದು ಆರೋಪಿಸಲಾಗಿದೆ.

ಆ ಬಾಲಕಿಯ ಪೋಷಕರು ಆಕೆಗಾಗಿ ಹುಡುಕಾಡಿದರು. ಆದರೆ ಆಕೆ ಸಿಗಲಿಲ್ಲ. ನಂತರ, ಆಕೆಯ ಶವ ಪೊದೆಯಲ್ಲಿ ಪತ್ತೆಯಾಗಿದೆ. ಪೊಲೀಸರು ಸಂಬಂಧಿತ ವಿಭಾಗಗಳ ಅಡಿಯಲ್ಲಿ ಪ್ರಕರಣ ದಾಖಲಿಸಿಕೊಂಡು ಆರೋಪಿಯನ್ನು ಹೆಚ್ಚಿನ ವಿಚಾರಣೆಗೆ ಒಳಪಡಿಸಿದ್ದಾರೆ.

ಮಾವ!

ಆಕೆಯ ಮೇಲೆ ಇದ್ದಕ್ಕಿದ್ದಂತೆ ಮತ್ತು ಆಕೆಗೆ ಗೊತ್ತಿಲ್ಲದೆ ದಾಳಿ ನಡೆದಿದೆ. ಈ ದಾಳಿಯ ನಂತರ, ಖೇಲನ್ ಮಾಂಝಿ ಮನೆಯಿಂದ ಓಡಿಹೋಗಿದ್ದಾರೆ. ಈ ಕ್ರೂರ ಹತ್ಯೆ ಇಡೀ ಮನೆ ಮತ್ತು ಗ್ರಾಮವನ್ನು ಆಘಾತಕ್ಕೀಡು ಮಾಡಿತು.

ನೆರೆಹೊರೆಯವರು ಸ್ಥಳೀಯ ಪೊಲೀಸರಿಗೆ ಮಾಹಿತಿ ನೀಡಿದಾಗ ಪೊಲೀಸರು ತಕ್ಷಣ ಸ್ಥಳಕ್ಕೆ ತಲುಪಿದರು. ಕೊಲೆಗೆ ಬಳಸಲಾದ ಕತ್ತಿಯನ್ನು ಪೊಲೀಸರು ವಶಕ್ಕೆ ಪಡೆದಿದ್ದಾರೆ.

ಜೀವಾವಧಿ ಶಿಕ್ಷೆ

2000 ರಲ್ಲಿ ನಡೆದ ಅಪಹರಣ ಮತ್ತು ಕೊಲೆ ಪ್ರಕರಣದಲ್ಲಿ ಇಬ್ಬರು ಆರೋಪಿಗಳಿಗೆ ನ್ಯಾಯಾಲಯ ಜೀವಾವಧಿ ಶಿಕ್ಷೆ ವಿಧಿಸಿದೆ.

14
